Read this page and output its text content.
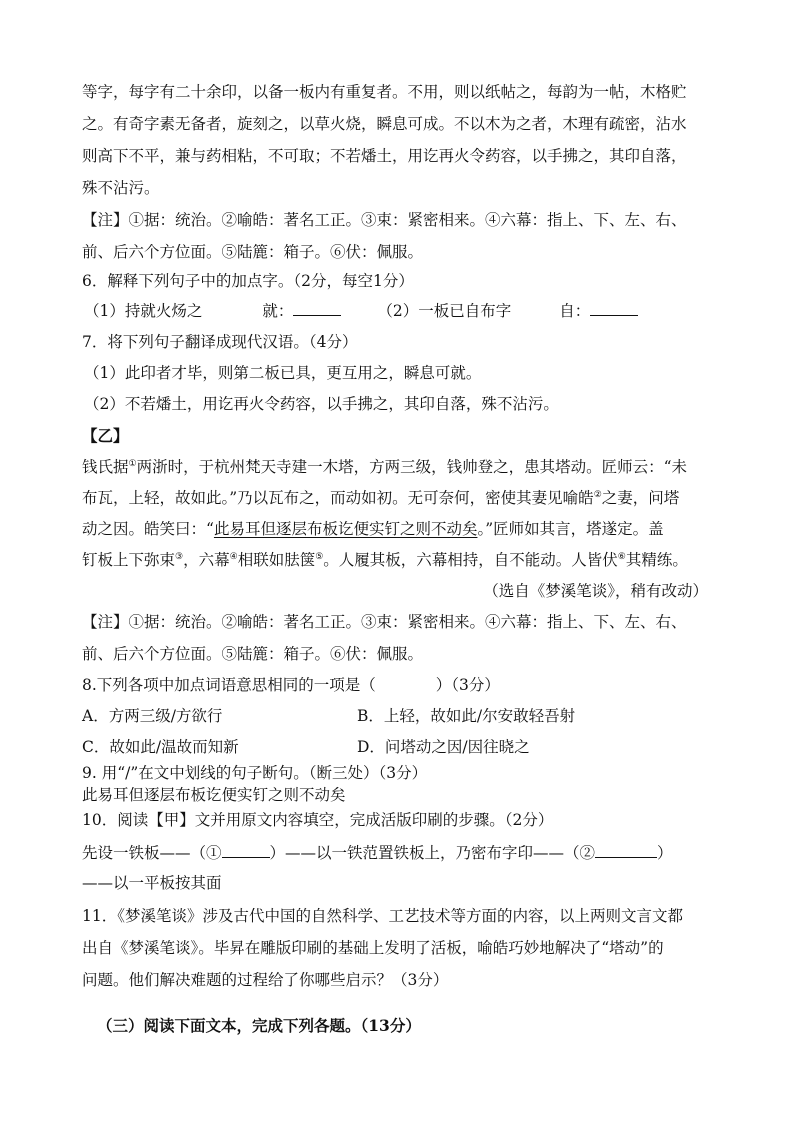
等字，每字有二十余印，以备一板内有重复者。不用，则以纸帖之，每韵为一帖，木格贮
之。有奇字素无备者，旋刻之，以草火烧，瞬息可成。不以木为之者，木理有疏密，沾水
则高下不平，兼与药相粘，不可取；不若燔土，用讫再火令药容，以手拂之，其印自落，
殊不沾污。
【注】①据：统治。②喻皓：著名工正。③束：紧密相来。④六幕：指上、下、左、右、
前、后六个方位面。⑤陆簏：箱子。⑥伏：佩服。
6．解释下列句子中的加点字。（2分，每空1分）
（1）持就火炀之	就：	（2）一板已自布字	自：
7．将下列句子翻译成现代汉语。（4分）
（1）此印者才毕，则第二板已具，更互用之，瞬息可就。
（2）不若燔土，用讫再火令药容，以手拂之，其印自落，殊不沾污。
【乙】
钱氏据①两浙时，于杭州梵天寺建一木塔，方两三级，钱帅登之，患其塔动。匠师云：“未
布瓦，上轻，故如此。”乃以瓦布之，而动如初。无可奈何，密使其妻见喻皓②之妻，问塔
动之因。皓笑曰：“此易耳但逐层布板讫便实钉之则不动矣。”匠师如其言，塔遂定。盖
钉板上下弥束③，六幕④相联如胠箧⑤。人履其板，六幕相持，自不能动。人皆伏⑥其精练。
（选自《梦溪笔谈》，稍有改动）
【注】①据：统治。②喻皓：著名工正。③束：紧密相来。④六幕：指上、下、左、右、
前、后六个方位面。⑤陆簏：箱子。⑥伏：佩服。
8.下列各项中加点词语意思相同的一项是（	）（3分）
A．方两三级/方欲行	B．上轻，故如此/尔安敢轻吾射
C．故如此/温故而知新	D．问塔动之因/因往晓之
9. 用“/”在文中划线的句子断句。（断三处）（3分）
此易耳但逐层布板讫便实钉之则不动矣
10．阅读【甲】文并用原文内容填空，完成活版印刷的步骤。（2分）
先设一铁板——（①	）——以一铁范置铁板上，乃密布字印——（②	）
——以一平板按其面
11．《梦溪笔谈》涉及古代中国的自然科学、工艺技术等方面的内容，以上两则文言文都
出自《梦溪笔谈》。毕昇在雕版印刷的基础上发明了活板，喻皓巧妙地解决了“塔动”的
问题。他们解决难题的过程给了你哪些启示？（3分）
（三）阅读下面文本，完成下列各题。（13分）
